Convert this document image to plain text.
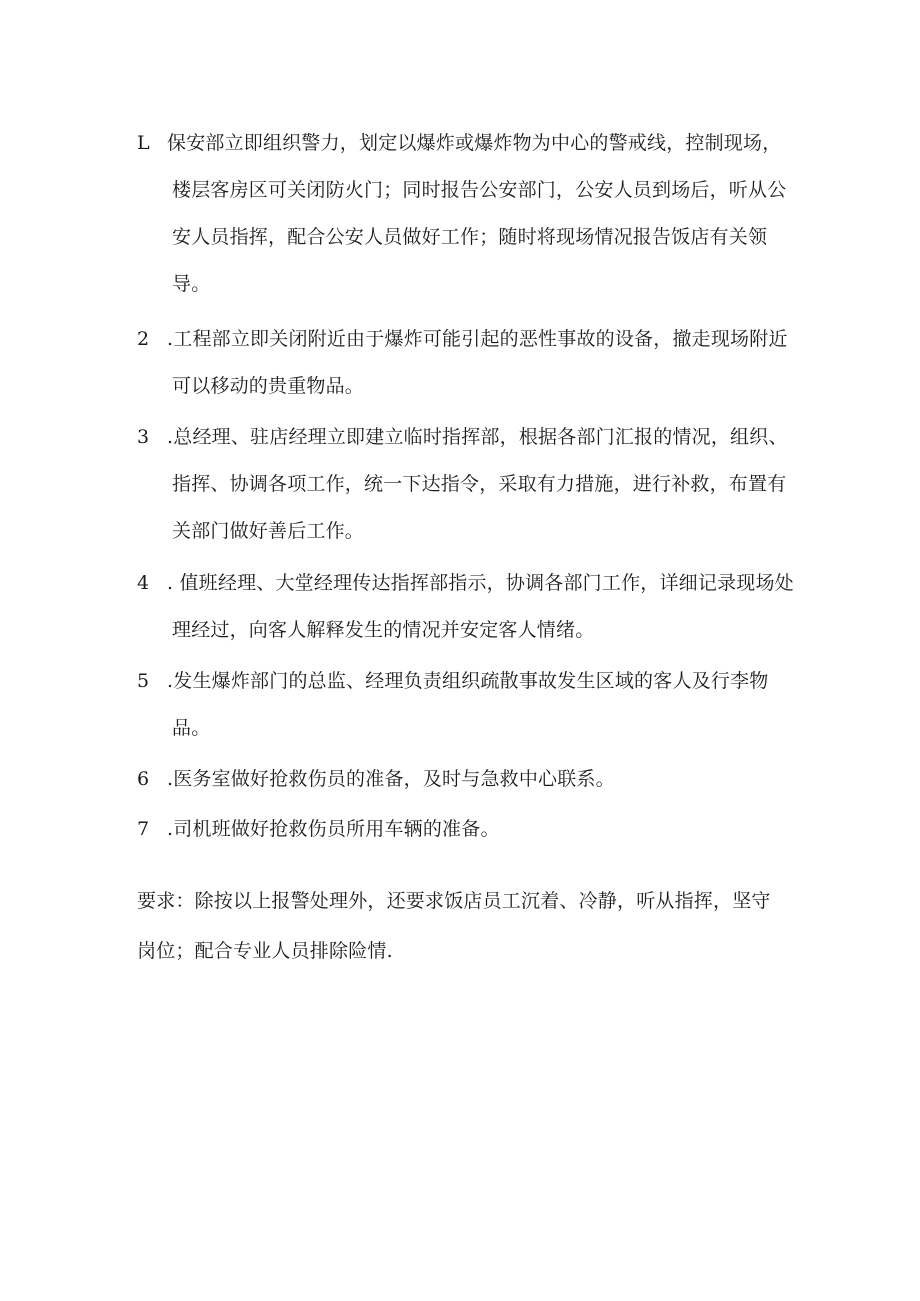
L 保安部立即组织警力，划定以爆炸或爆炸物为中心的警戒线，控制现场，楼层客房区可关闭防火门；同时报告公安部门，公安人员到场后，听从公安人员指挥，配合公安人员做好工作；随时将现场情况报告饭店有关领导。
2 .工程部立即关闭附近由于爆炸可能引起的恶性事故的设备，撤走现场附近可以移动的贵重物品。
3 .总经理、驻店经理立即建立临时指挥部，根据各部门汇报的情况，组织、指挥、协调各项工作，统一下达指令，采取有力措施，进行补救，布置有关部门做好善后工作。
4 . 值班经理、大堂经理传达指挥部指示，协调各部门工作，详细记录现场处理经过，向客人解释发生的情况并安定客人情绪。
5 .发生爆炸部门的总监、经理负责组织疏散事故发生区域的客人及行李物品。
6 .医务室做好抢救伤员的准备，及时与急救中心联系。
7 .司机班做好抢救伤员所用车辆的准备。
要求：除按以上报警处理外，还要求饭店员工沉着、冷静，听从指挥，坚守岗位；配合专业人员排除险情.
